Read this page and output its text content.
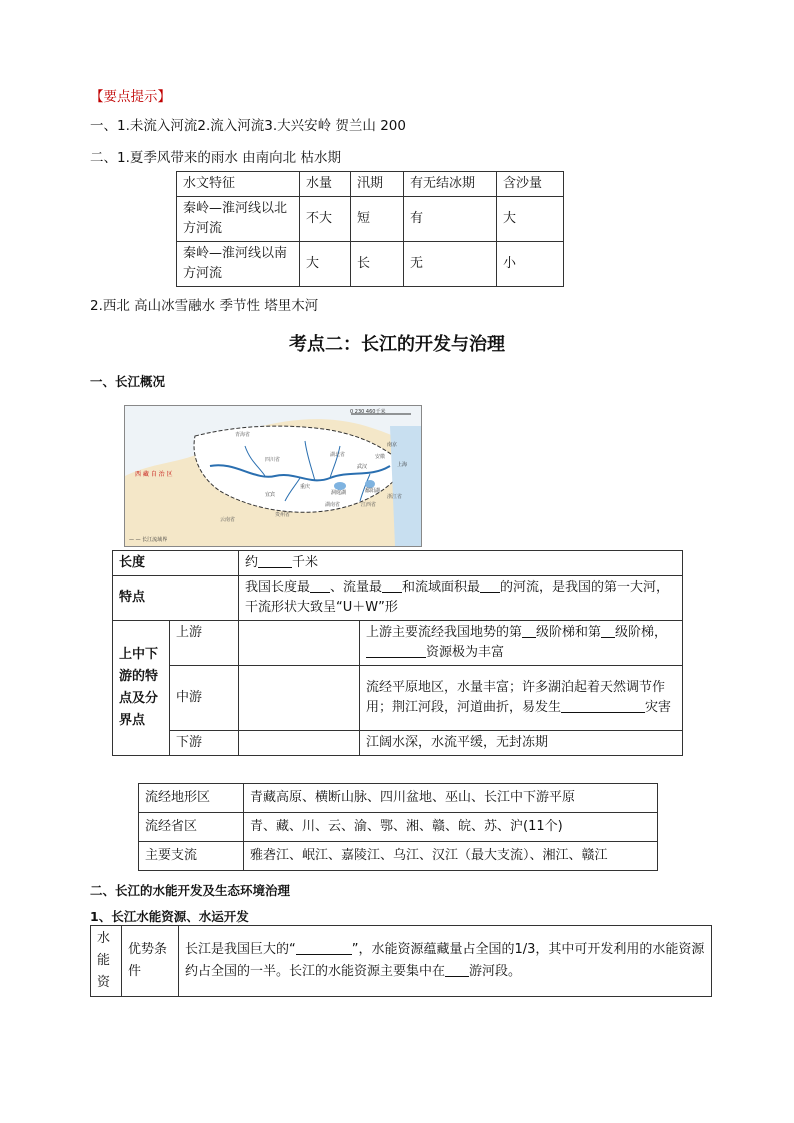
【要点提示】
一、1.未流入河流2.流入河流3.大兴安岭 贺兰山 200
二、1.夏季风带来的雨水 由南向北 枯水期
水文特征	水量	汛期	有无结冰期	含沙量
秦岭—淮河线以北方河流	不大	短	有	大
秦岭—淮河线以南方河流	大	长	无	小
2.西北 高山冰雪融水 季节性 塔里木河
考点二：长江的开发与治理
一、长江概况
0 230 460千米
西 藏 自 治 区
— — 长江流域界
青海省
四川省
重庆
湖北省
武汉
安徽
南京
上海
浙江省
湖南省	江西省
贵州省
云南省
宜宾	洞庭湖	鄱阳湖
长度		约 千米	
特点		我国长度最 、流量最 和流域面积最 的河流，是我国的第一大河，干流形状大致呈“U＋W”形	
上中下游的特点及分界点	上游		上游主要流经我国地势的第 级阶梯和第 级阶梯，
资源极为丰富
	中游		流经平原地区，水量丰富；许多湖泊起着天然调节作用；荆江河段，河道曲折，易发生 灾害
	下游		江阔水深，水流平缓，无封冻期
流经地形区	青藏高原、横断山脉、四川盆地、巫山、长江中下游平原
流经省区	青、藏、川、云、渝、鄂、湘、赣、皖、苏、沪(11个)
主要支流	雅砻江、岷江、嘉陵江、乌江、汉江（最大支流）、湘江、赣江
二、长江的水能开发及生态环境治理
1、长江水能资源、水运开发
水能资	优势条件	长江是我国巨大的“	”，水能资源蕴藏量占全国的1/3，其中可开发利用的水能资源约占全国的一半。长江的水能资源主要集中在 游河段。
